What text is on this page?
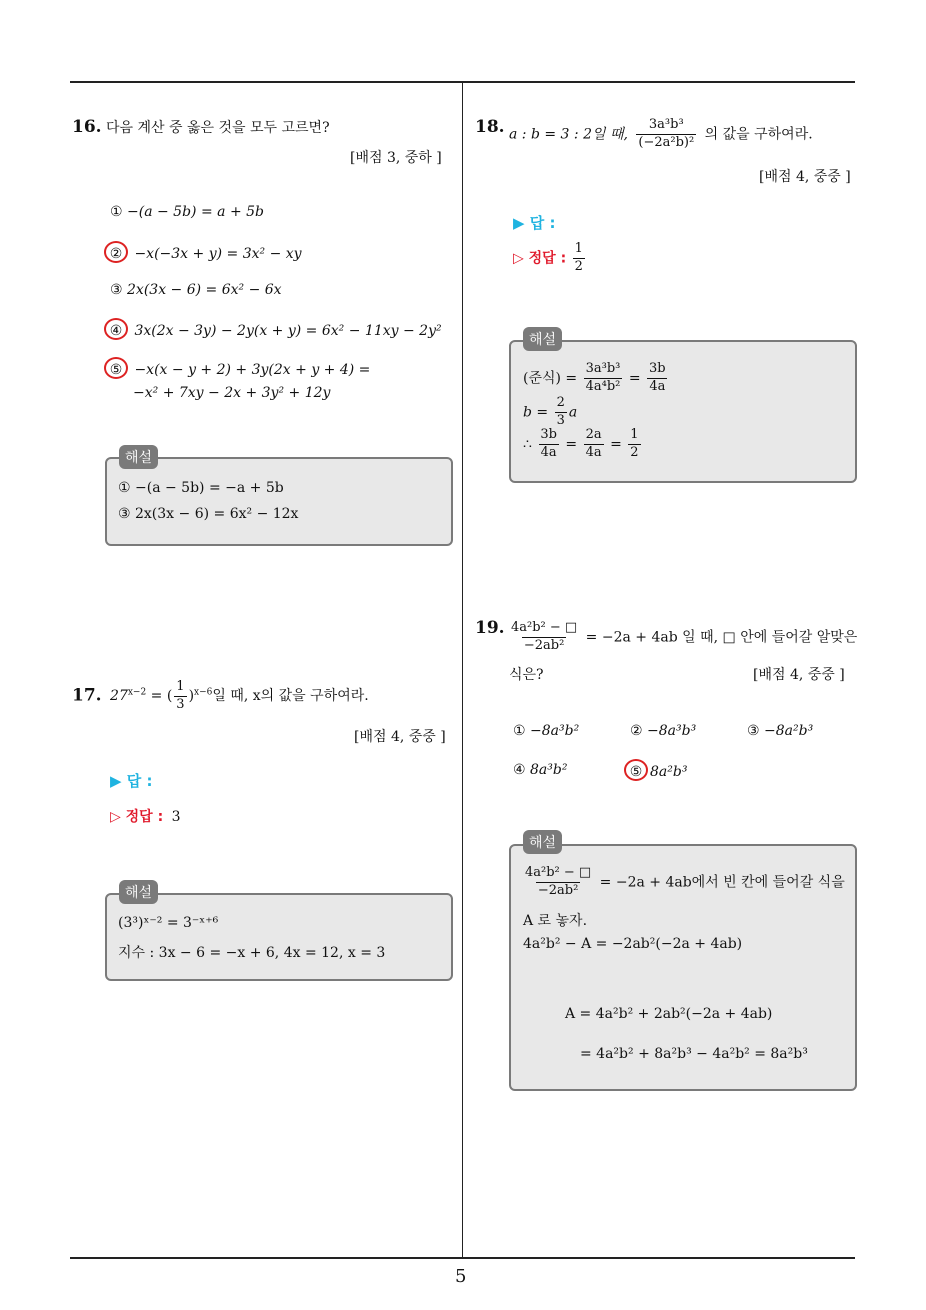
5
16. 다음 계산 중 옳은 것을 모두 고르면?
[배점 3, 중하 ]
① −(a − 5b) = a + 5b
② −x(−3x + y) = 3x² − xy
③ 2x(3x − 6) = 6x² − 6x
④ 3x(2x − 3y) − 2y(x + y) = 6x² − 11xy − 2y²
⑤ −x(x − y + 2) + 3y(2x + y + 4) =
−x² + 7xy − 2x + 3y² + 12y
해설
① −(a − 5b) = −a + 5b
③ 2x(3x − 6) = 6x² − 12x
17. $27^{x-2}$ = ( $\frac{1}{3} )^{x-6}$일 때, x의 값을 구하여라.
[배점 4, 중중 ]
▶ 답 :
▷ 정답 : 3
해설
(3³)ˣ⁻² = 3⁻ˣ⁺⁶
지수 : 3x − 6 = −x + 6, 4x = 12, x = 3
18. a : b = 3 : 2일 때, $\frac{\text{3a³b³}}{\text{(−2a²b)²}}$ 의 값을 구하여라.
[배점 4, 중중 ]
▶ 답 :
▷ 정답 : $\frac{1}{2}$
해설
(준식) = $\frac{\text{3a³b³}}{\text{4a⁴b²}} = \frac{3b}{4a}$
$b = \frac{2}{3}$ a
∴ $\frac{3b}{4a} = \frac{2a}{4a} = \frac{1}{2}$
19. $\frac{\text{4a²b² − □}}{\text{−2ab²}} = -2a + 4ab$ 일 때, □ 안에 들어갈 알맞은
식은?	[배점 4, 중중 ]
① −8a³b²	② −8a³b³	③ −8a²b³
④ 8a³b²	⑤ 8a²b³
해설
$\frac{\text{4a²b² − □}}{\text{−2ab²}} = -2a + 4ab$에서 빈 칸에 들어갈 식을
A 로 놓자.
4a²b² − A = −2ab²(−2a + 4ab)
A = 4a²b² + 2ab²(−2a + 4ab)
= 4a²b² + 8a²b³ − 4a²b² = 8a²b³
